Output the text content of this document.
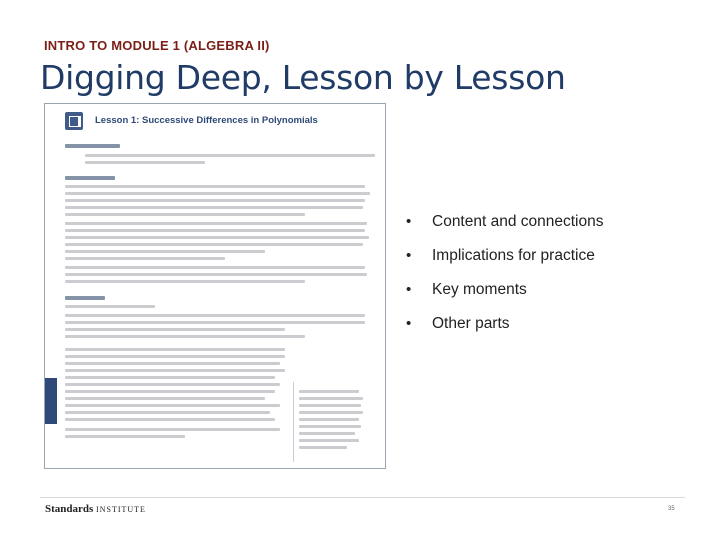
INTRO TO MODULE 1 (ALGEBRA II)
Digging Deep, Lesson by Lesson
Lesson 1: Successive Differences in Polynomials
• Content and connections
• Implications for practice
• Key moments
• Other parts
Standards INSTITUTE	35
